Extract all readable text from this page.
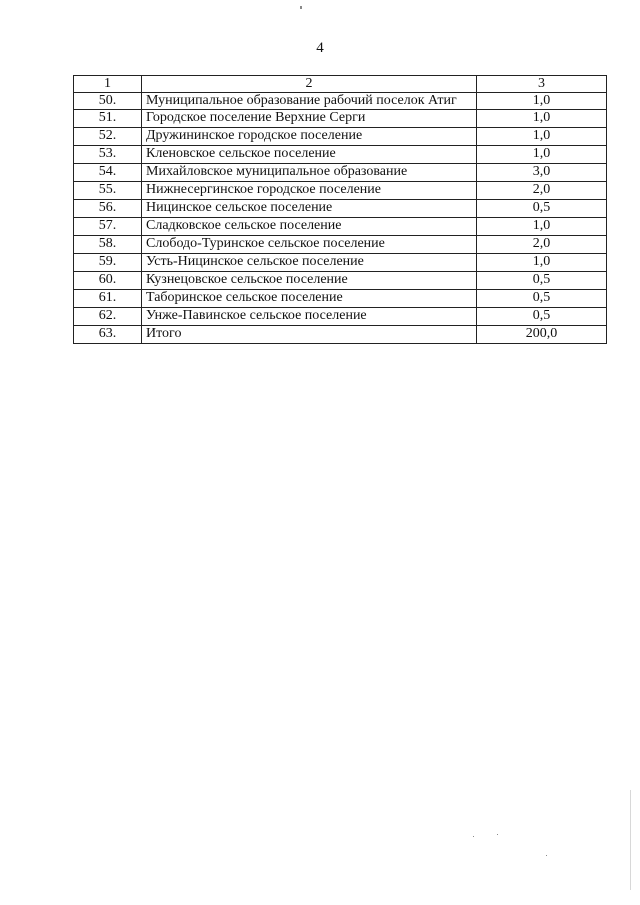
4
1	2	3
50.	Муниципальное образование рабочий поселок Атиг	1,0
51.	Городское поселение Верхние Серги	1,0
52.	Дружининское городское поселение	1,0
53.	Кленовское сельское поселение	1,0
54.	Михайловское муниципальное образование	3,0
55.	Нижнесергинское городское поселение	2,0
56.	Ницинское сельское поселение	0,5
57.	Сладковское сельское поселение	1,0
58.	Слободо-Туринское сельское поселение	2,0
59.	Усть-Ницинское сельское поселение	1,0
60.	Кузнецовское сельское поселение	0,5
61.	Таборинское сельское поселение	0,5
62.	Унже-Павинское сельское поселение	0,5
63.	Итого	200,0
